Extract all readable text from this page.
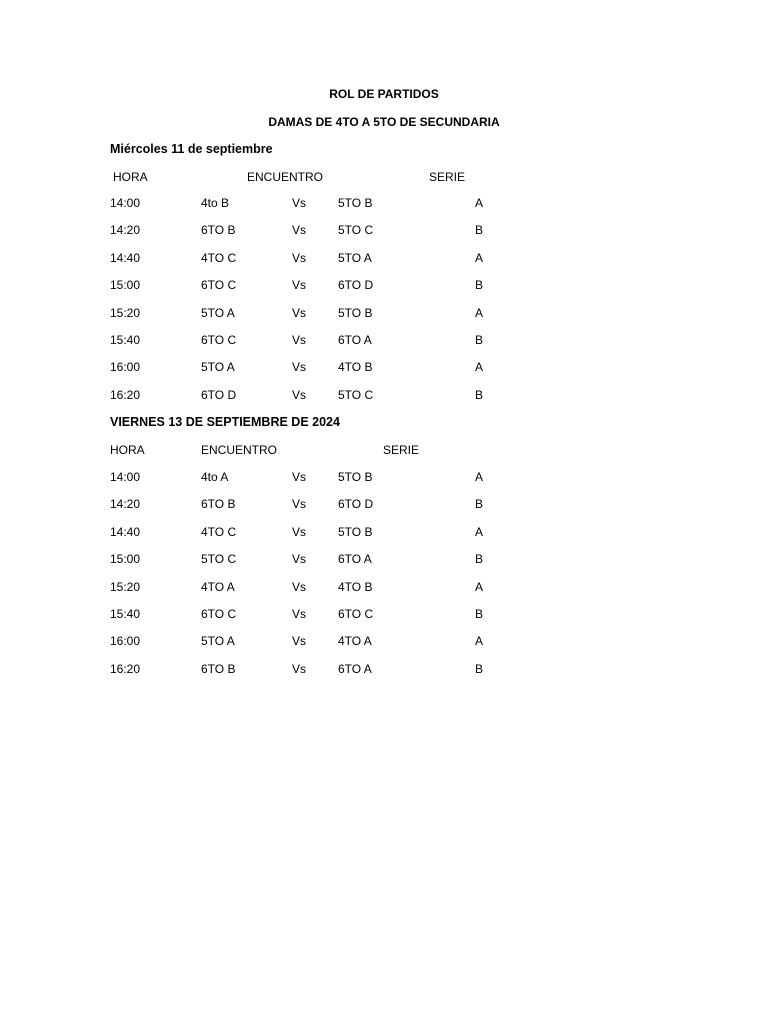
ROL DE PARTIDOS
DAMAS DE 4TO A 5TO DE SECUNDARIA
Miércoles 11 de septiembre
HORA	ENCUENTRO	SERIE
14:00	4to B	Vs	5TO B	A
14:20	6TO B	Vs	5TO C	B
14:40	4TO C	Vs	5TO A	A
15:00	6TO C	Vs	6TO D	B
15:20	5TO A	Vs	5TO B	A
15:40	6TO C	Vs	6TO A	B
16:00	5TO A	Vs	4TO B	A
16:20	6TO D	Vs	5TO C	B
VIERNES 13 DE SEPTIEMBRE DE 2024
HORA	ENCUENTRO	SERIE
14:00	4to A	Vs	5TO B	A
14:20	6TO B	Vs	6TO D	B
14:40	4TO C	Vs	5TO B	A
15:00	5TO C	Vs	6TO A	B
15:20	4TO A	Vs	4TO B	A
15:40	6TO C	Vs	6TO C	B
16:00	5TO A	Vs	4TO A	A
16:20	6TO B	Vs	6TO A	B
